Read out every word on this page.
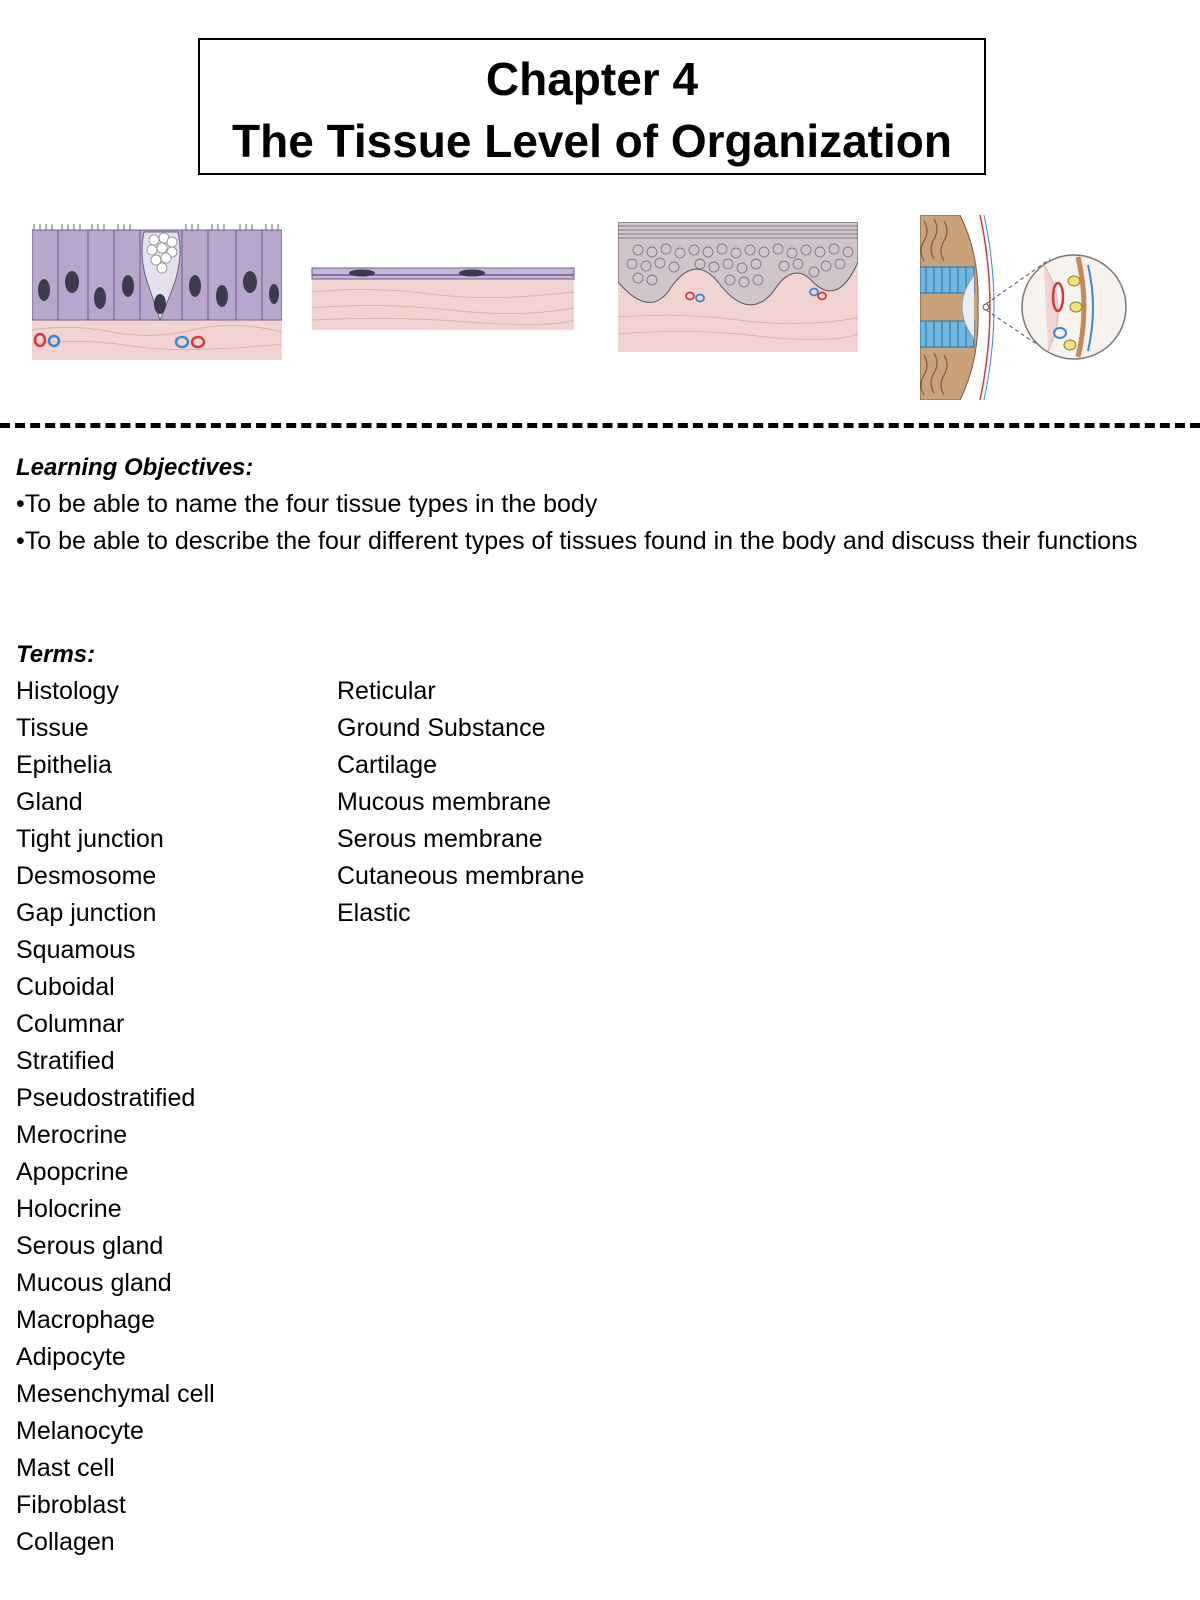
Chapter 4
The Tissue Level of Organization
Learning Objectives:
•To be able to name the four tissue types in the body
•To be able to describe the four different types of tissues found in the body and discuss their functions
Terms:
Histology
Tissue
Epithelia
Gland
Tight junction
Desmosome
Gap junction
Squamous
Cuboidal
Columnar
Stratified
Pseudostratified
Merocrine
Apopcrine
Holocrine
Serous gland
Mucous gland
Macrophage
Adipocyte
Mesenchymal cell
Melanocyte
Mast cell
Fibroblast
Collagen
Reticular
Ground Substance
Cartilage
Mucous membrane
Serous membrane
Cutaneous membrane
Elastic
